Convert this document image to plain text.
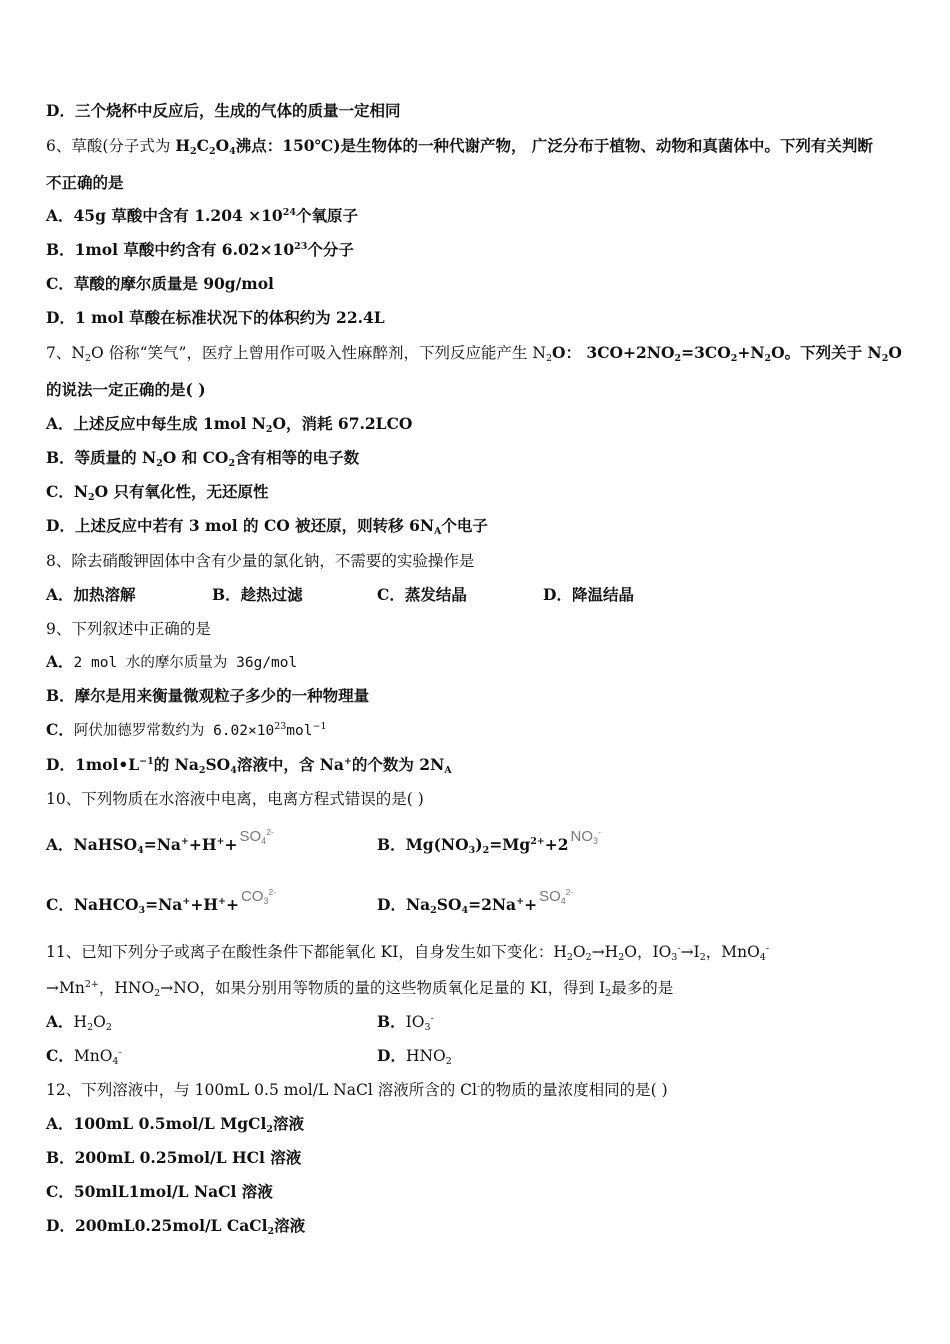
D．三个烧杯中反应后，生成的气体的质量一定相同
6、草酸(分子式为 $H_2C_2O_4$沸点：150℃)是生物体的一种代谢产物， 广泛分布于植物、动物和真菌体中。下列有关判断
不正确的是
A．45g 草酸中含有 $1.204 \times 10^{24}$个氧原子
B．1mol 草酸中约含有 $6.02\times 10^{23}$个分子
C．草酸的摩尔质量是 90g/mol
D．1 mol 草酸在标准状况下的体积约为 22.4L
7、$N_2O$ 俗称“笑气”，医疗上曾用作可吸入性麻醉剂，下列反应能产生 $N_2O$： $3CO+2NO_2=3CO_2+N_2O$。下列关于 $N_2O$
的说法一定正确的是( )
A．上述反应中每生成 1mol $N_2O$，消耗 67.2LCO
B．等质量的 $N_2O$ 和 $CO_2$含有相等的电子数
C．$N_2O$ 只有氧化性，无还原性
D．上述反应中若有 3 mol 的 CO 被还原，则转移 $6N_A$个电子
8、除去硝酸钾固体中含有少量的氯化钠，不需要的实验操作是
A．加热溶解	B．趁热过滤	C．蒸发结晶	D．降温结晶
9、下列叙述中正确的是
A．2 mol 水的摩尔质量为 36g/mol
B．摩尔是用来衡量微观粒子多少的一种物理量
C．阿伏加德罗常数约为 $6.02\times 10^{23}mol^{-1}$
D．$1mol•L^{-1}$的 $Na_2SO_4$溶液中，含 Na+的个数为 $2N_A$
10、下列物质在水溶液中电离，电离方程式错误的是( )
A．NaHSO$_4$=Na++H++ $SO_4^{2-}$
B．$Mg(NO_3)_2=Mg^{2+}+2$ $NO_3^-$
C．NaHCO$_3$=Na++H++ $CO_3^{2-}$
D．$Na_2SO_4=2Na^++ SO_4^{2-}$
11、已知下列分子或离子在酸性条件下都能氧化 KI，自身发生如下变化：$H_2O_2\to H_2O$，$IO_3^-\to I_2$，MnO$_4$-
$\to Mn^{2+}$，$HNO_2\to NO$，如果分别用等物质的量的这些物质氧化足量的 KI，得到 $I_2$最多的是
A．$H_2O_2$	B．$IO_3^-$
C．MnO$_4$-	D．$HNO_2$
12、下列溶液中，与 100mL 0.5 mol/L NaCl 溶液所含的 Cl-的物质的量浓度相同的是( )
A．100mL 0.5mol/L MgCl$_2$溶液
B．200mL 0.25mol/L HCl 溶液
C．50mlL1mol/L NaCl 溶液
D．200mL0.25mol/L CaCl$_2$溶液
